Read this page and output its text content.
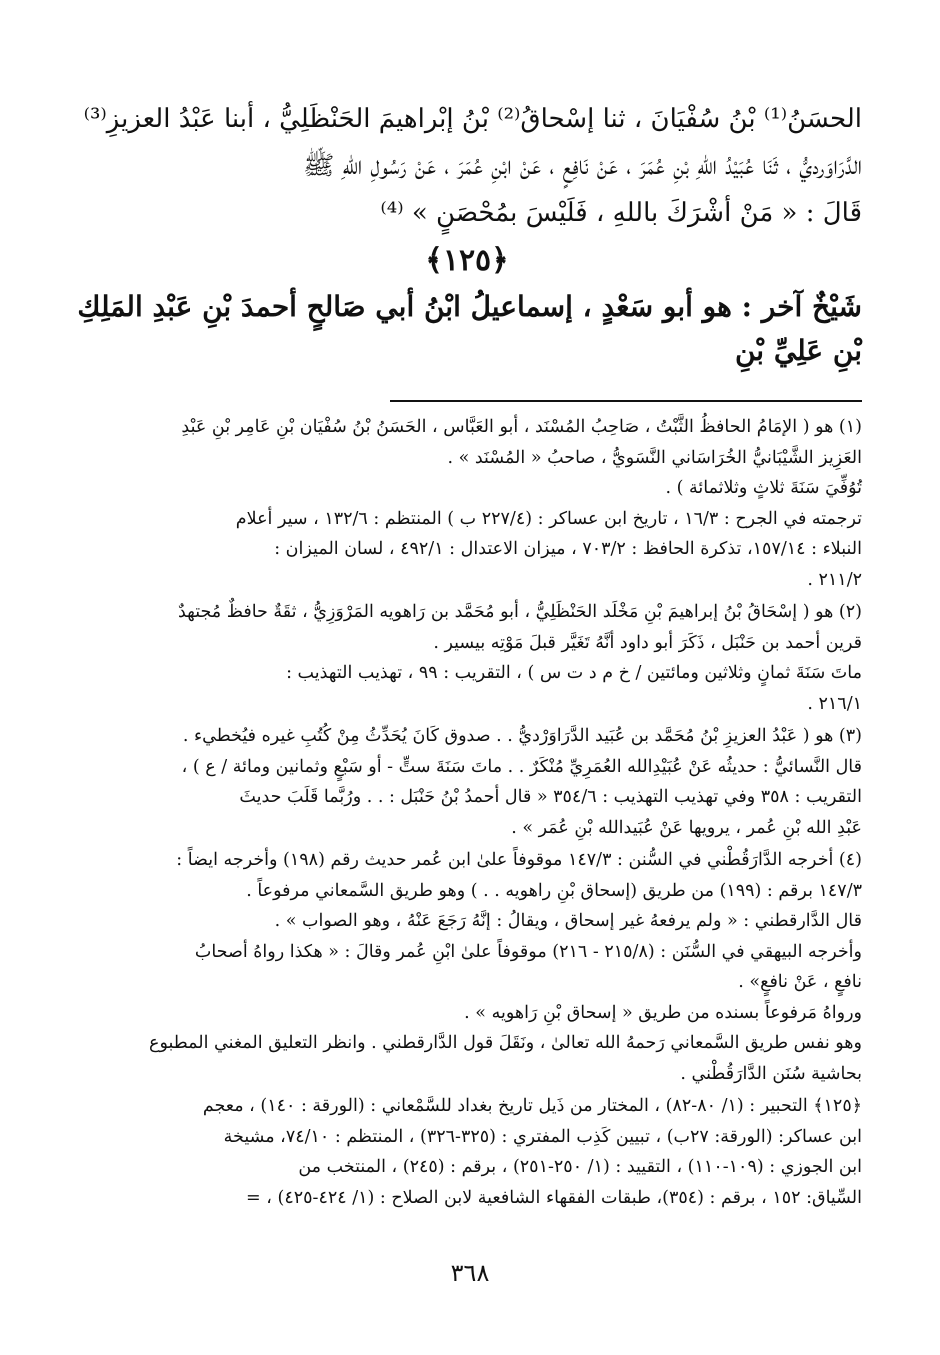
الحسَنُ⁽¹⁾ بْنُ سُفْيَانَ ، ثنا إسْحاقُ⁽²⁾ بْنُ إبْراهيمَ الحَنْظَلِيُّ ، أبنا عَبْدُ العزيزِ⁽³⁾

الدَّرَاوَرديُّ ، ثَنَا عُبَيْدُ اللهِ بْنِ عُمَرَ ، عَنْ نَافِعٍ ، عَنْ ابْنِ عُمَرَ ، عَنْ رَسُولِ اللهِ ﷺ

قَالَ : « مَنْ أشْرَكَ باللهِ ، فَلَيْسَ بمُحْصَنٍ » ⁽⁴⁾

﴿١٢٥﴾
شَيْخٌ آخر : هو أبو سَعْدٍ ، إسماعيلُ ابْنُ أبي صَالحٍ أحمدَ بْنِ عَبْدِ المَلِكِ بْنِ عَلِيِّ بْنِ

(١) هو ( الإمَامُ الحافظُ الثَّبْتُ ، صَاحِبُ المُسْنَد ، أبو العَبَّاس ، الحَسَنُ بْنُ سُفْيَان بْنِ عَامِر بْنِ عَبْدِ

العَزِيز الشَّيْبَانيُّ الخُرَاسَاني النَّسَويُّ ، صاحبُ « المُسْنَد » .

تُوُفِّيَ سَنَةَ ثلاثٍ وثلاثمائة ) .

ترجمته في الجرح : ١٦/٣ ، تاريخ ابن عساكر : (٢٢٧/٤ ب ) المنتظم : ١٣٢/٦ ، سير أعلام

النبلاء : ١٥٧/١٤، تذكرة الحافظ : ٧٠٣/٢ ، ميزان الاعتدال : ٤٩٢/١ ، لسان الميزان :

٢١١/٢ .

(٢) هو ( إسْحَاقُ بْنُ إبراهيمَ بْنِ مَخْلَد الحَنْظَلِيُّ ، أبو مُحَمَّد بن رَاهويه المَرْوَزِيُّ ، ثقَةٌ حافظٌ مُجتهدٌ

قرين أحمد بن حَنْبَل ، ذَكَرَ أبو داود أنَّهُ تَغَيَّر قبلَ مَوْتِه بيسير .

ماتَ سَنَةَ ثمانٍ وثلاثين ومائتين / خ م د ت س ) ، التقريب : ٩٩ ، تهذيب التهذيب :

٢١٦/١ .

(٣) هو ( عَبْدُ العزيزِ بْنُ مُحَمَّد بن عُبَيد الدَّرَاوَرْديُّ . . صدوق كَانَ يُحَدِّثُ مِنْ كُتُبِ غيره فيُخطيء .

قال النَّسائيُّ : حديثُه عَنْ عُبَيْدِالله العُمَرِيِّ مُنْكَرٌ . . ماتَ سَنَةَ ستٍّ - أو سَبْعٍ وثمانين ومائة / ع ) ،

التقريب : ٣٥٨ وفي تهذيب التهذيب : ٣٥٤/٦ « قال أحمدُ بْنُ حَنْبَل : . . ورُبَّما قَلَبَ حديثَ

عَبْدِ الله بْنِ عُمر ، يرويها عَنْ عُبَيدالله بْنِ عُمَر » .

(٤) أخرجه الدَّارَقُطْني في السُّنن : ١٤٧/٣ موقوفاً علىٰ ابن عُمر حديث رقم (١٩٨) وأخرجه ايضاً :

١٤٧/٣ برقم : (١٩٩) من طريق (إسحاق بْنِ راهويه . . ) وهو طريق السَّمعاني مرفوعاً .

قال الدَّارقطني : « ولم يرفعهُ غير إسحاق ، ويقالُ : إنَّهُ رَجَعَ عَنْهُ ، وهو الصواب » .

وأخرجه البيهقي في السُّنَن : (٢١٥/٨ - ٢١٦) موقوفاً علىٰ ابْنِ عُمر وقالَ : « هكذا رواهُ أصحابُ

نافعٍ ، عَنْ نافعٍ» .

ورواهُ مَرفوعاً بسنده من طريق « إسحاق بْنِ رَاهويه » .

وهو نفس طريق السَّمعاني رَحمهُ الله تعالىٰ ، ونَقَلَ قول الدَّارقطني . وانظر التعليق المغني المطبوع

بحاشية سُنَن الدَّارَقُطْني .

﴿١٢٥﴾ التحبير : (١/ ٨٠-٨٢) ، المختار من ذَيل تاريخ بغداد للسَّمْعاني : (الورقة : ١٤٠) ، معجم

ابن عساكر: (الورقة: ٢٧ب) ، تبيين كَذِب المفتري : (٣٢٥-٣٢٦) ، المنتظم : ٧٤/١٠، مشيخة

ابن الجوزي : (١٠٩-١١٠) ، التقييد : (١/ ٢٥٠-٢٥١) ، برقم : (٢٤٥) ، المنتخب من

السِّياق: ١٥٢ ، برقم : (٣٥٤)، طبقات الفقهاء الشافعية لابن الصلاح : (١/ ٤٢٤-٤٢٥) ، =

٣٦٨
